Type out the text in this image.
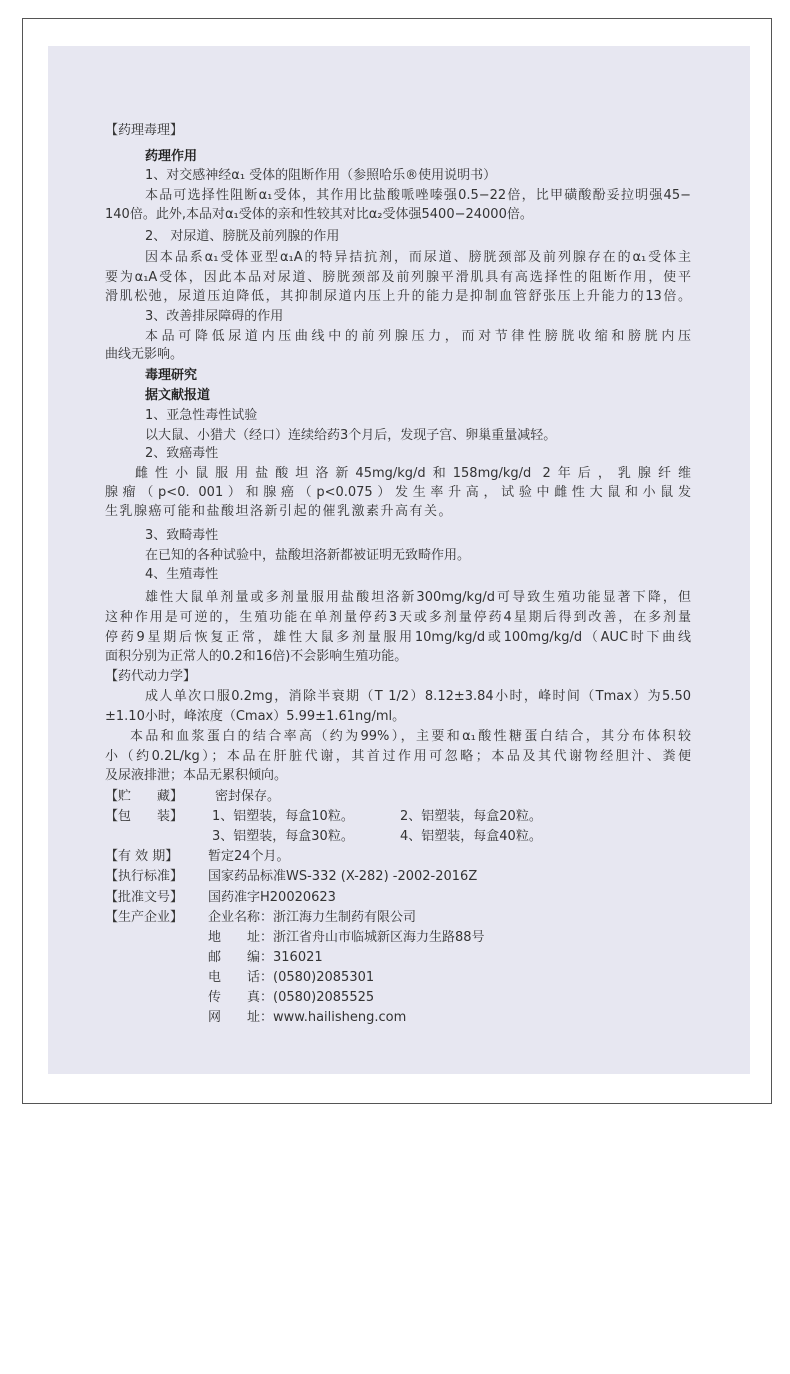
【药理毒理】
药理作用
1、对交感神经α₁ 受体的阻断作用（参照哈乐®使用说明书）
本品可选择性阻断α₁受体，其作用比盐酸哌唑嗪强0.5−22倍，比甲磺酸酚妥拉明强45−
140倍。此外,本品对α₁受体的亲和性较其对比α₂受体强5400−24000倍。
2、 对尿道、膀胱及前列腺的作用
因本品系α₁受体亚型α₁A的特异拮抗剂，而尿道、膀胱颈部及前列腺存在的α₁受体主
要为α₁A受体，因此本品对尿道、膀胱颈部及前列腺平滑肌具有高选择性的阻断作用，使平
滑肌松弛，尿道压迫降低，其抑制尿道内压上升的能力是抑制血管舒张压上升能力的13倍。
3、改善排尿障碍的作用
本品可降低尿道内压曲线中的前列腺压力，而对节律性膀胱收缩和膀胱内压
曲线无影响。
毒理研究
据文献报道
1、亚急性毒性试验
以大鼠、小猎犬（经口）连续给药3个月后，发现子宫、卵巢重量减轻。
2、致癌毒性
雌性小鼠服用盐酸坦洛新45mg/kg/d和158mg/kg/d 2年后，乳腺纤维
腺瘤（p<0. 001）和腺癌（p<0.075）发生率升高，试验中雌性大鼠和小鼠发
生乳腺癌可能和盐酸坦洛新引起的催乳激素升高有关。
3、致畸毒性
在已知的各种试验中，盐酸坦洛新都被证明无致畸作用。
4、生殖毒性
雄性大鼠单剂量或多剂量服用盐酸坦洛新300mg/kg/d可导致生殖功能显著下降，但
这种作用是可逆的，生殖功能在单剂量停药3天或多剂量停药4星期后得到改善，在多剂量
停药9星期后恢复正常，雄性大鼠多剂量服用10mg/kg/d或100mg/kg/d（AUC时下曲线
面积分别为正常人的0.2和16倍)不会影响生殖功能。
【药代动力学】
成人单次口服0.2mg，消除半衰期（T 1/2）8.12±3.84小时，峰时间（Tmax）为5.50
±1.10小时，峰浓度（Cmax）5.99±1.61ng/ml。
本品和血浆蛋白的结合率高（约为99%），主要和α₁酸性糖蛋白结合，其分布体积较
小（约0.2L/kg）；本品在肝脏代谢，其首过作用可忽略；本品及其代谢物经胆汁、粪便
及尿液排泄；本品无累积倾向。
【贮　　藏】	密封保存。
【包　　装】	1、铝塑装，每盒10粒。	2、铝塑装，每盒20粒。
3、铝塑装，每盒30粒。	4、铝塑装，每盒40粒。
【有 效 期】	暂定24个月。
【执行标准】	国家药品标准WS-332 (X-282) -2002-2016Z
【批准文号】	国药准字H20020623
【生产企业】	企业名称：浙江海力生制药有限公司
地　　址：浙江省舟山市临城新区海力生路88号
邮　　编：316021
电　　话：(0580)2085301
传　　真：(0580)2085525
网　　址：www.hailisheng.com
